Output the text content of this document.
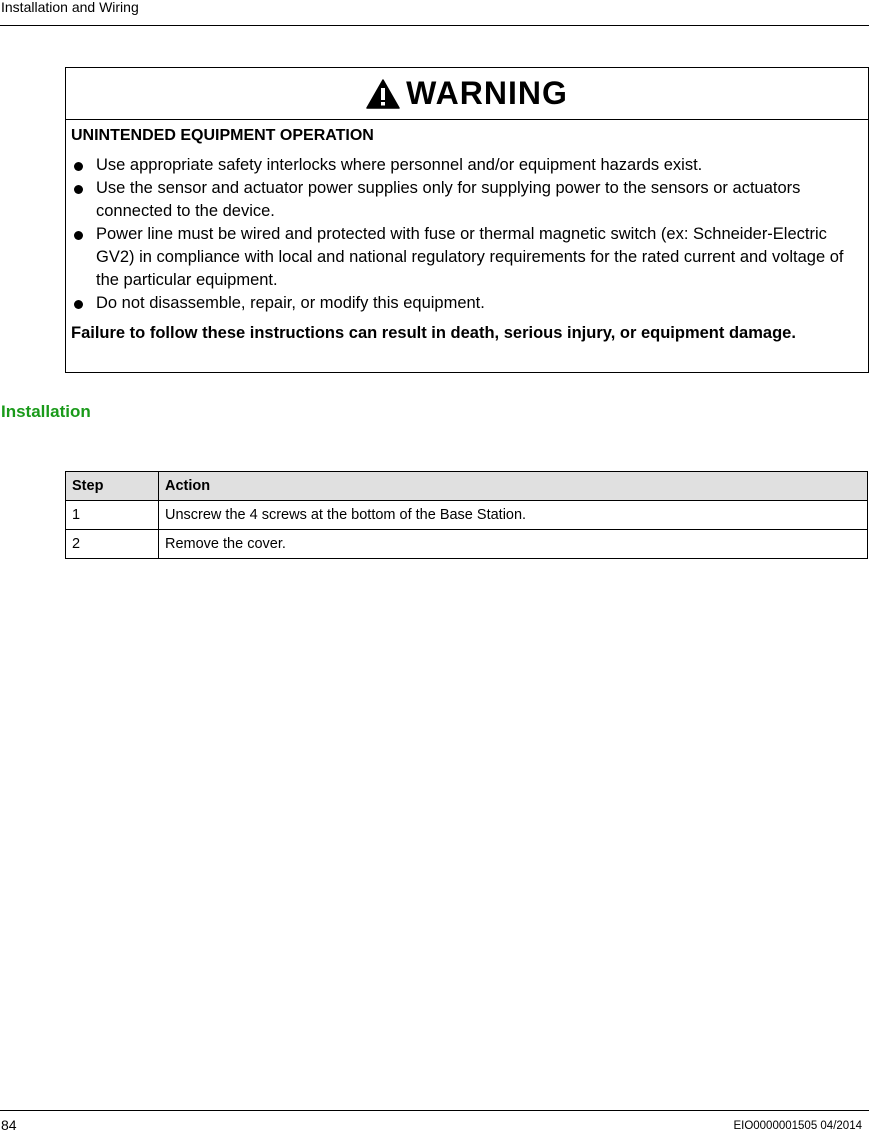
Installation and Wiring
WARNING
UNINTENDED EQUIPMENT OPERATION
Use appropriate safety interlocks where personnel and/or equipment hazards exist.
Use the sensor and actuator power supplies only for supplying power to the sensors or actuators connected to the device.
Power line must be wired and protected with fuse or thermal magnetic switch (ex: Schneider-Electric GV2) in compliance with local and national regulatory requirements for the rated current and voltage of the particular equipment.
Do not disassemble, repair, or modify this equipment.
Failure to follow these instructions can result in death, serious injury, or equipment damage.
Installation
Step	Action
1	Unscrew the 4 screws at the bottom of the Base Station.
2	Remove the cover.
84	EIO0000001505 04/2014
